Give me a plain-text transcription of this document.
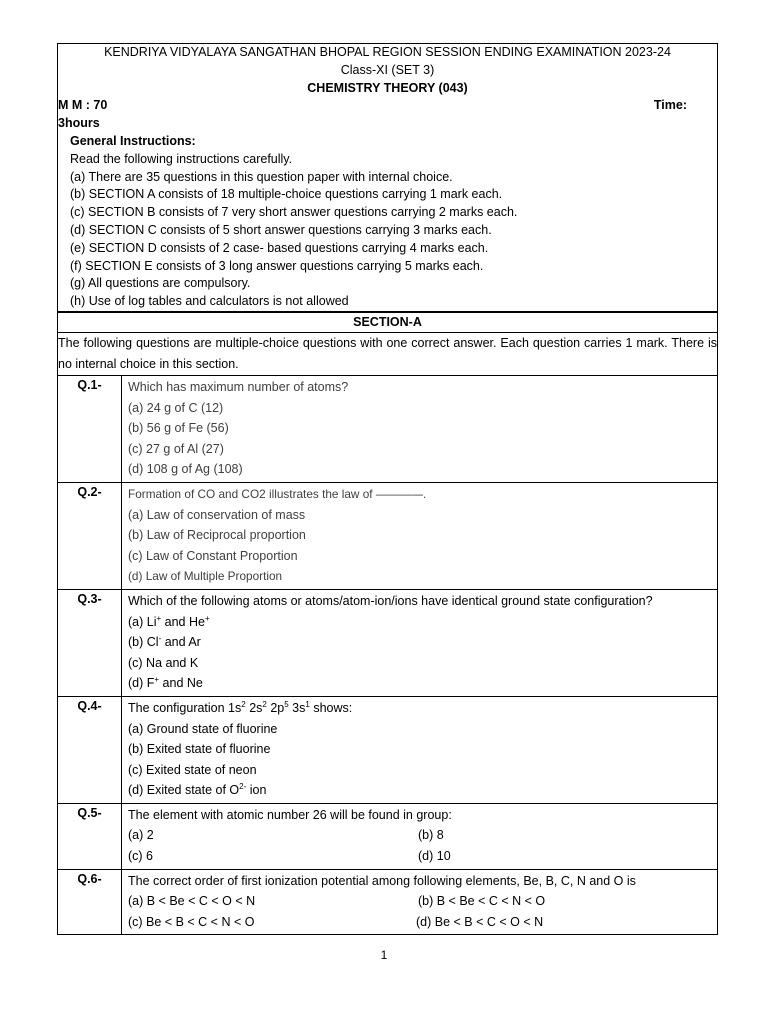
KENDRIYA VIDYALAYA SANGATHAN BHOPAL REGION SESSION ENDING EXAMINATION 2023-24
Class-XI (SET 3)
CHEMISTRY THEORY (043)
M M : 70	Time:
3hours
General Instructions:
Read the following instructions carefully.
(a) There are 35 questions in this question paper with internal choice.
(b) SECTION A consists of 18 multiple-choice questions carrying 1 mark each.
(c) SECTION B consists of 7 very short answer questions carrying 2 marks each.
(d) SECTION C consists of 5 short answer questions carrying 3 marks each.
(e) SECTION D consists of 2 case- based questions carrying 4 marks each.
(f) SECTION E consists of 3 long answer questions carrying 5 marks each.
(g) All questions are compulsory.
(h) Use of log tables and calculators is not allowed
SECTION-A	
The following questions are multiple-choice questions with one correct answer. Each question carries 1 mark. There is no internal choice in this section.	
Q.1-	Which has maximum number of atoms?
(a) 24 g of C (12)
(b) 56 g of Fe (56)
(c) 27 g of Al (27)
(d) 108 g of Ag (108)

Q.2-	Formation of CO and CO2 illustrates the law of ————.
(a) Law of conservation of mass
(b) Law of Reciprocal proportion
(c) Law of Constant Proportion
(d) Law of Multiple Proportion

Q.3-	Which of the following atoms or atoms/atom-ion/ions have identical ground state configuration?
(a) Li+ and He+
(b) Cl- and Ar
(c) Na and K
(d) F+ and Ne

Q.4-	The configuration $1s^2$ $2s^2$ $2p^5$ $3s^1$ shows:
(a) Ground state of fluorine
(b) Exited state of fluorine
(c) Exited state of neon
(d) Exited state of $O^{2-}$ ion

Q.5-	The element with atomic number 26 will be found in group:
(a) 2 (b) 8
(c) 6 (d) 10

Q.6-	The correct order of first ionization potential among following elements, Be, B, C, N and O is
(a) B < Be < C < O < N (b) B < Be < C < N < O
(c) Be < B < C < N < O (d) Be < B < C < O < N
1
